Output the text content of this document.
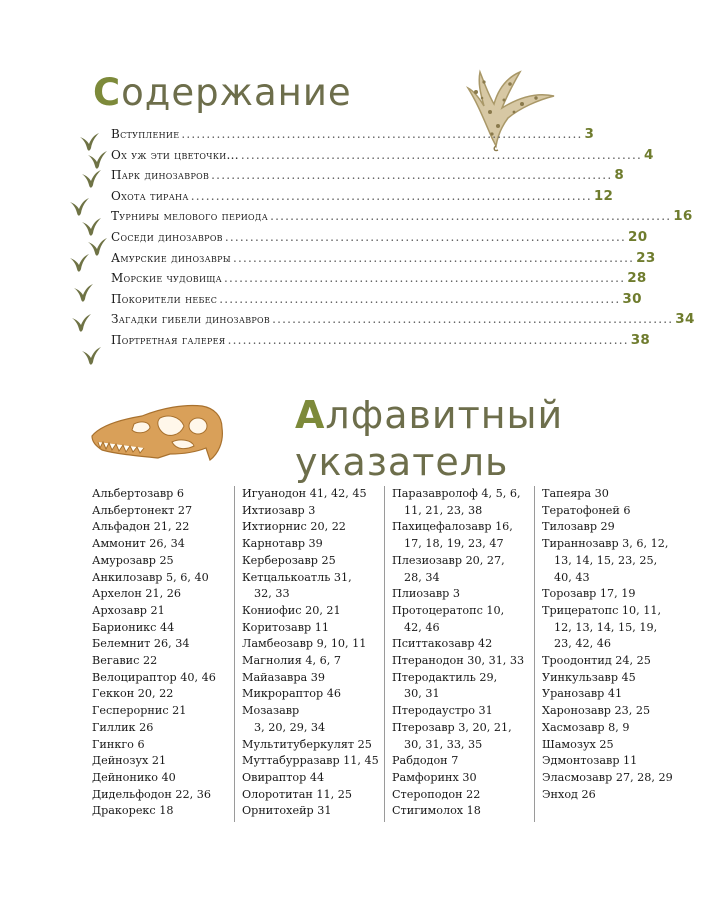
Содержание
Вступление ................................................................................ 3
Ох уж эти цветочки... ................................................................................ 4
Парк динозавров ................................................................................ 8
Охота тирана ................................................................................ 12
Турниры мелового периода ................................................................................ 16
Соседи динозавров ................................................................................ 20
Амурские динозавры ................................................................................ 23
Морские чудовища ................................................................................ 28
Покорители небес ................................................................................ 30
Загадки гибели динозавров ................................................................................ 34
Портретная галерея ................................................................................ 38
Алфавитный
указатель
Альбертозавр 6
Альбертонект 27
Альфадон 21, 22
Аммонит 26, 34
Амурозавр 25
Анкилозавр 5, 6, 40
Архелон 21, 26
Архозавр 21
Барионикс 44
Белемнит 26, 34
Вегавис 22
Велоцираптор 40, 46
Геккон 20, 22
Гесперорнис 21
Гиллик 26
Гинкго 6
Дейнозух 21
Дейнонико 40
Дидельфодон 22, 36
Дракорекс 18
Игуанодон 41, 42, 45
Ихтиозавр 3
Ихтиорнис 20, 22
Карнотавр 39
Керберозавр 25
Кетцалькоатль 31,
32, 33
Кониофис 20, 21
Коритозавр 11
Ламбеозавр 9, 10, 11
Магнолия 4, 6, 7
Майазавра 39
Микрораптор 46
Мозазавр
3, 20, 29, 34
Мультитуберкулят 25
Муттабурразавр 11, 45
Овираптор 44
Олоротитан 11, 25
Орнитохейр 31
Паразавролоф 4, 5, 6,
11, 21, 23, 38
Пахицефалозавр 16,
17, 18, 19, 23, 47
Плезиозавр 20, 27,
28, 34
Плиозавр 3
Протоцератопс 10,
42, 46
Пситтакозавр 42
Птеранодон 30, 31, 33
Птеродактиль 29,
30, 31
Птеродаустро 31
Птерозавр 3, 20, 21,
30, 31, 33, 35
Рабдодон 7
Рамфоринх 30
Стероподон 22
Стигимолох 18
Тапеяра 30
Тератофоней 6
Тилозавр 29
Тираннозавр 3, 6, 12,
13, 14, 15, 23, 25,
40, 43
Торозавр 17, 19
Трицератопс 10, 11,
12, 13, 14, 15, 19,
23, 42, 46
Троодонтид 24, 25
Уинкульзавр 45
Уранозавр 41
Харонозавр 23, 25
Хасмозавр 8, 9
Шамозух 25
Эдмонтозавр 11
Эласмозавр 27, 28, 29
Энход 26
